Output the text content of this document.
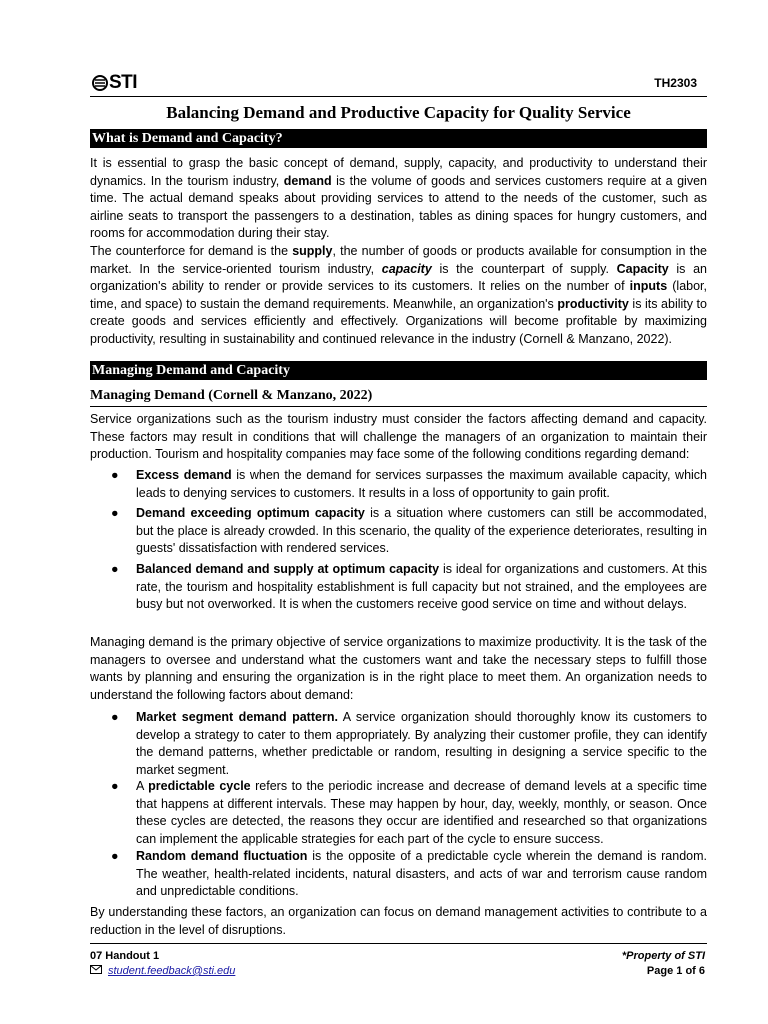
STI	TH2303
Balancing Demand and Productive Capacity for Quality Service
What is Demand and Capacity?
It is essential to grasp the basic concept of demand, supply, capacity, and productivity to understand their dynamics. In the tourism industry, demand is the volume of goods and services customers require at a given time. The actual demand speaks about providing services to attend to the needs of the customer, such as airline seats to transport the passengers to a destination, tables as dining spaces for hungry customers, and rooms for accommodation during their stay.
The counterforce for demand is the supply, the number of goods or products available for consumption in the market. In the service-oriented tourism industry, capacity is the counterpart of supply. Capacity is an organization's ability to render or provide services to its customers. It relies on the number of inputs (labor, time, and space) to sustain the demand requirements. Meanwhile, an organization's productivity is its ability to create goods and services efficiently and effectively. Organizations will become profitable by maximizing productivity, resulting in sustainability and continued relevance in the industry (Cornell & Manzano, 2022).
Managing Demand and Capacity
Managing Demand (Cornell & Manzano, 2022)
Service organizations such as the tourism industry must consider the factors affecting demand and capacity. These factors may result in conditions that will challenge the managers of an organization to maintain their production. Tourism and hospitality companies may face some of the following conditions regarding demand:
● Excess demand is when the demand for services surpasses the maximum available capacity, which leads to denying services to customers. It results in a loss of opportunity to gain profit.
● Demand exceeding optimum capacity is a situation where customers can still be accommodated, but the place is already crowded. In this scenario, the quality of the experience deteriorates, resulting in guests' dissatisfaction with rendered services.
● Balanced demand and supply at optimum capacity is ideal for organizations and customers. At this rate, the tourism and hospitality establishment is full capacity but not strained, and the employees are busy but not overworked. It is when the customers receive good service on time and without delays.
Managing demand is the primary objective of service organizations to maximize productivity. It is the task of the managers to oversee and understand what the customers want and take the necessary steps to fulfill those wants by planning and ensuring the organization is in the right place to meet them. An organization needs to understand the following factors about demand:
● Market segment demand pattern. A service organization should thoroughly know its customers to develop a strategy to cater to them appropriately. By analyzing their customer profile, they can identify the demand patterns, whether predictable or random, resulting in designing a service specific to the market segment.
● A predictable cycle refers to the periodic increase and decrease of demand levels at a specific time that happens at different intervals. These may happen by hour, day, weekly, monthly, or season. Once these cycles are detected, the reasons they occur are identified and researched so that organizations can implement the applicable strategies for each part of the cycle to ensure success.
● Random demand fluctuation is the opposite of a predictable cycle wherein the demand is random. The weather, health-related incidents, natural disasters, and acts of war and terrorism cause random and unpredictable conditions.
By understanding these factors, an organization can focus on demand management activities to contribute to a reduction in the level of disruptions.
07 Handout 1
student.feedback@sti.edu
*Property of STI
Page 1 of 6
